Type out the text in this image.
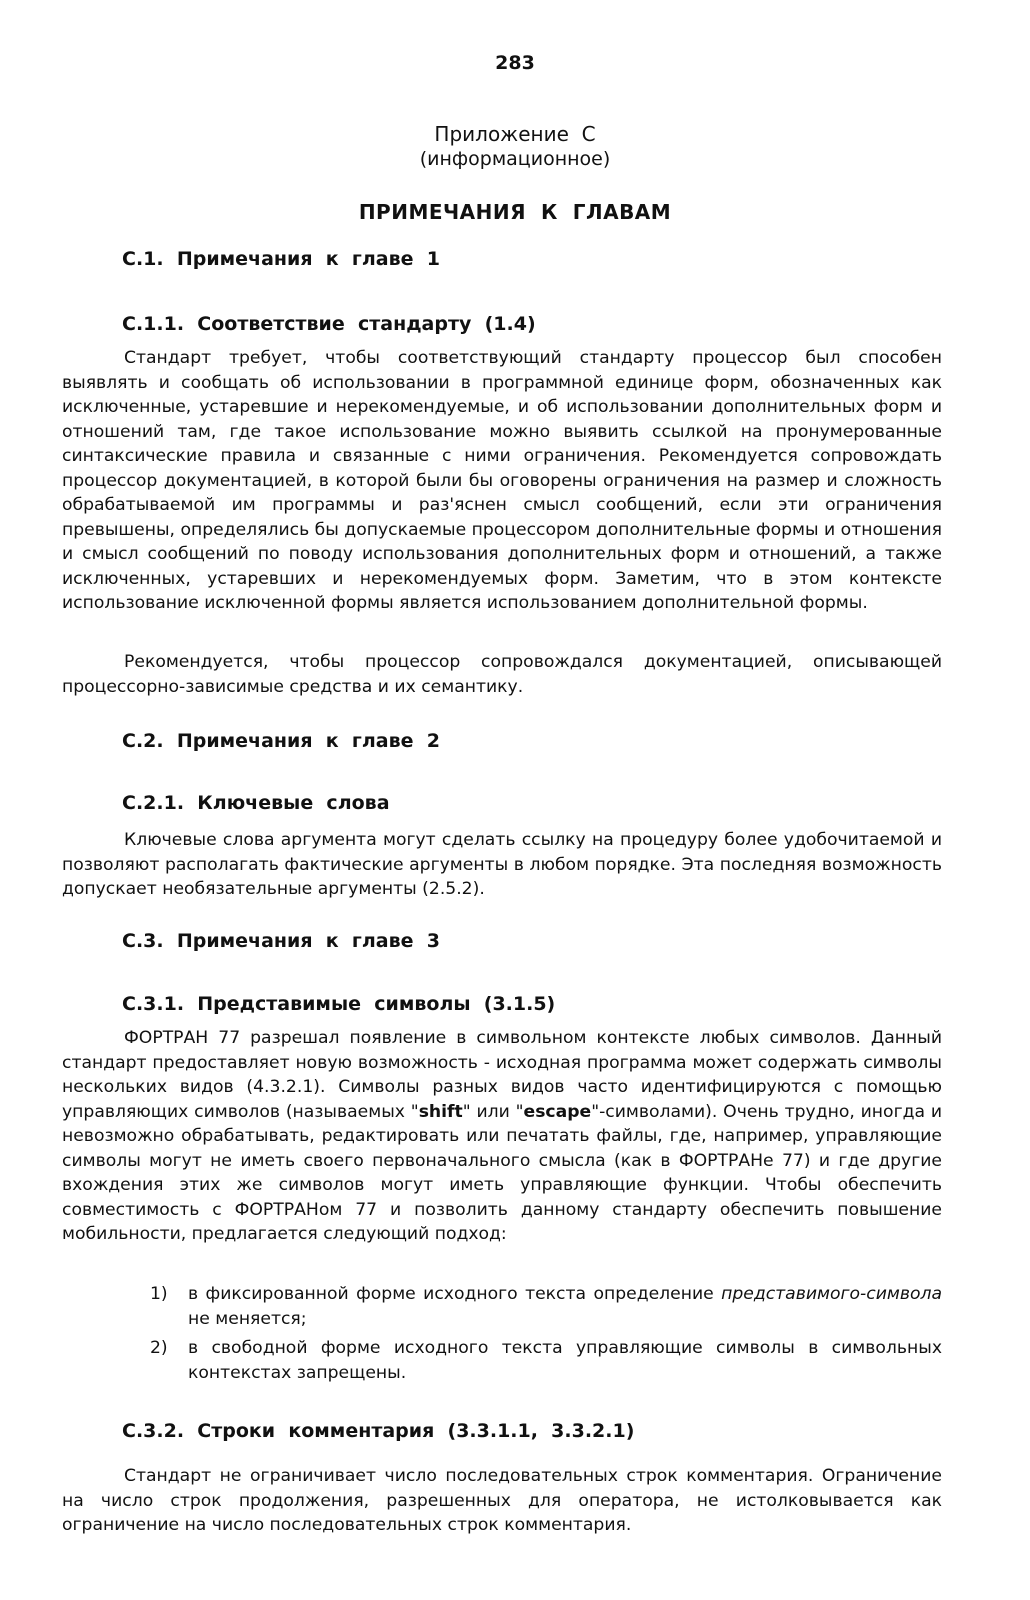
283
Приложение  С
(информационное)
ПРИМЕЧАНИЯ  К  ГЛАВАМ
С.1.  Примечания  к  главе  1
С.1.1.  Соответствие  стандарту  (1.4)
Стандарт требует, чтобы соответствующий стандарту процессор был способен выявлять и сообщать об использовании в программной единице форм, обозначенных как исключенные, устаревшие и нерекомендуемые, и об использовании дополнительных форм и отношений там, где такое использование можно выявить ссылкой на пронумерованные синтаксические правила и связанные с ними ограничения. Рекомендуется сопровождать процессор документацией, в которой были бы оговорены ограничения на размер и сложность обрабатываемой им программы и раз'яснен смысл сообщений, если эти ограничения превышены, определялись бы допускаемые процессором дополнительные формы и отношения и смысл сообщений по поводу использования дополнительных форм и отношений, а также исключенных, устаревших и нерекомендуемых форм. Заметим, что в этом контексте использование исключенной формы является использованием дополнительной формы.
Рекомендуется, чтобы процессор сопровождался документацией, описывающей процессорно-зависимые средства и их семантику.
С.2.  Примечания  к  главе  2
С.2.1.  Ключевые  слова
Ключевые слова аргумента могут сделать ссылку на процедуру более удобочитаемой и позволяют располагать фактические аргументы в любом порядке. Эта последняя возможность допускает необязательные аргументы (2.5.2).
С.3.  Примечания  к  главе  3
С.3.1.  Представимые  символы  (3.1.5)
ФОРТРАН 77 разрешал появление в символьном контексте любых символов. Данный стандарт предоставляет новую возможность - исходная программа может содержать символы нескольких видов (4.3.2.1). Символы разных видов часто идентифицируются с помощью управляющих символов (называемых "shift" или "escape"-символами). Очень трудно, иногда и невозможно обрабатывать, редактировать или печатать файлы, где, например, управляющие символы могут не иметь своего первоначального смысла (как в ФОРТРАНе 77) и где другие вхождения этих же символов могут иметь управляющие функции. Чтобы обеспечить совместимость с ФОРТРАНом 77 и позволить данному стандарту обеспечить повышение мобильности, предлагается следующий подход:
1) в фиксированной форме исходного текста определение представимого-символа не меняется;
2) в свободной форме исходного текста управляющие символы в символьных контекстах запрещены.
С.3.2.  Строки  комментария  (3.3.1.1,  3.3.2.1)
Стандарт не ограничивает число последовательных строк комментария. Ограничение на число строк продолжения, разрешенных для оператора, не истолковывается как ограничение на число последовательных строк комментария.
